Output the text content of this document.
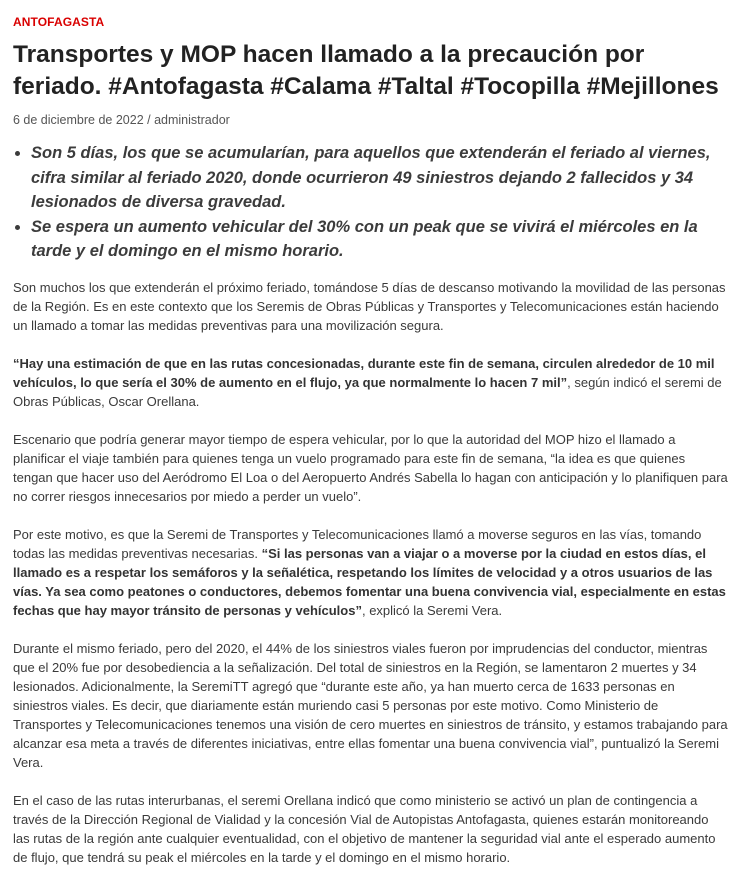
ANTOFAGASTA
Transportes y MOP hacen llamado a la precaución por feriado. #Antofagasta #Calama #Taltal #Tocopilla #Mejillones
6 de diciembre de 2022 / administrador
• Son 5 días, los que se acumularían, para aquellos que extenderán el feriado al viernes, cifra similar al feriado 2020, donde ocurrieron 49 siniestros dejando 2 fallecidos y 34 lesionados de diversa gravedad.
• Se espera un aumento vehicular del 30% con un peak que se vivirá el miércoles en la tarde y el domingo en el mismo horario.

Son muchos los que extenderán el próximo feriado, tomándose 5 días de descanso motivando la movilidad de las personas de la Región. Es en este contexto que los Seremis de Obras Públicas y Transportes y Telecomunicaciones están haciendo un llamado a tomar las medidas preventivas para una movilización segura.

“Hay una estimación de que en las rutas concesionadas, durante este fin de semana, circulen alrededor de 10 mil vehículos, lo que sería el 30% de aumento en el flujo, ya que normalmente lo hacen 7 mil”, según indicó el seremi de Obras Públicas, Oscar Orellana.

Escenario que podría generar mayor tiempo de espera vehicular, por lo que la autoridad del MOP hizo el llamado a planificar el viaje también para quienes tenga un vuelo programado para este fin de semana, “la idea es que quienes tengan que hacer uso del Aeródromo El Loa o del Aeropuerto Andrés Sabella lo hagan con anticipación y lo planifiquen para no correr riesgos innecesarios por miedo a perder un vuelo”.

Por este motivo, es que la Seremi de Transportes y Telecomunicaciones llamó a moverse seguros en las vías, tomando todas las medidas preventivas necesarias. “Si las personas van a viajar o a moverse por la ciudad en estos días, el llamado es a respetar los semáforos y la señalética, respetando los límites de velocidad y a otros usuarios de las vías. Ya sea como peatones o conductores, debemos fomentar una buena convivencia vial, especialmente en estas fechas que hay mayor tránsito de personas y vehículos”, explicó la Seremi Vera.

Durante el mismo feriado, pero del 2020, el 44% de los siniestros viales fueron por imprudencias del conductor, mientras que el 20% fue por desobediencia a la señalización. Del total de siniestros en la Región, se lamentaron 2 muertes y 34 lesionados. Adicionalmente, la SeremiTT agregó que “durante este año, ya han muerto cerca de 1633 personas en siniestros viales. Es decir, que diariamente están muriendo casi 5 personas por este motivo. Como Ministerio de Transportes y Telecomunicaciones tenemos una visión de cero muertes en siniestros de tránsito, y estamos trabajando para alcanzar esa meta a través de diferentes iniciativas, entre ellas fomentar una buena convivencia vial”, puntualizó la Seremi Vera.

En el caso de las rutas interurbanas, el seremi Orellana indicó que como ministerio se activó un plan de contingencia a través de la Dirección Regional de Vialidad y la concesión Vial de Autopistas Antofagasta, quienes estarán monitoreando las rutas de la región ante cualquier eventualidad, con el objetivo de mantener la seguridad vial ante el esperado aumento de flujo, que tendrá su peak el miércoles en la tarde y el domingo en el mismo horario.
